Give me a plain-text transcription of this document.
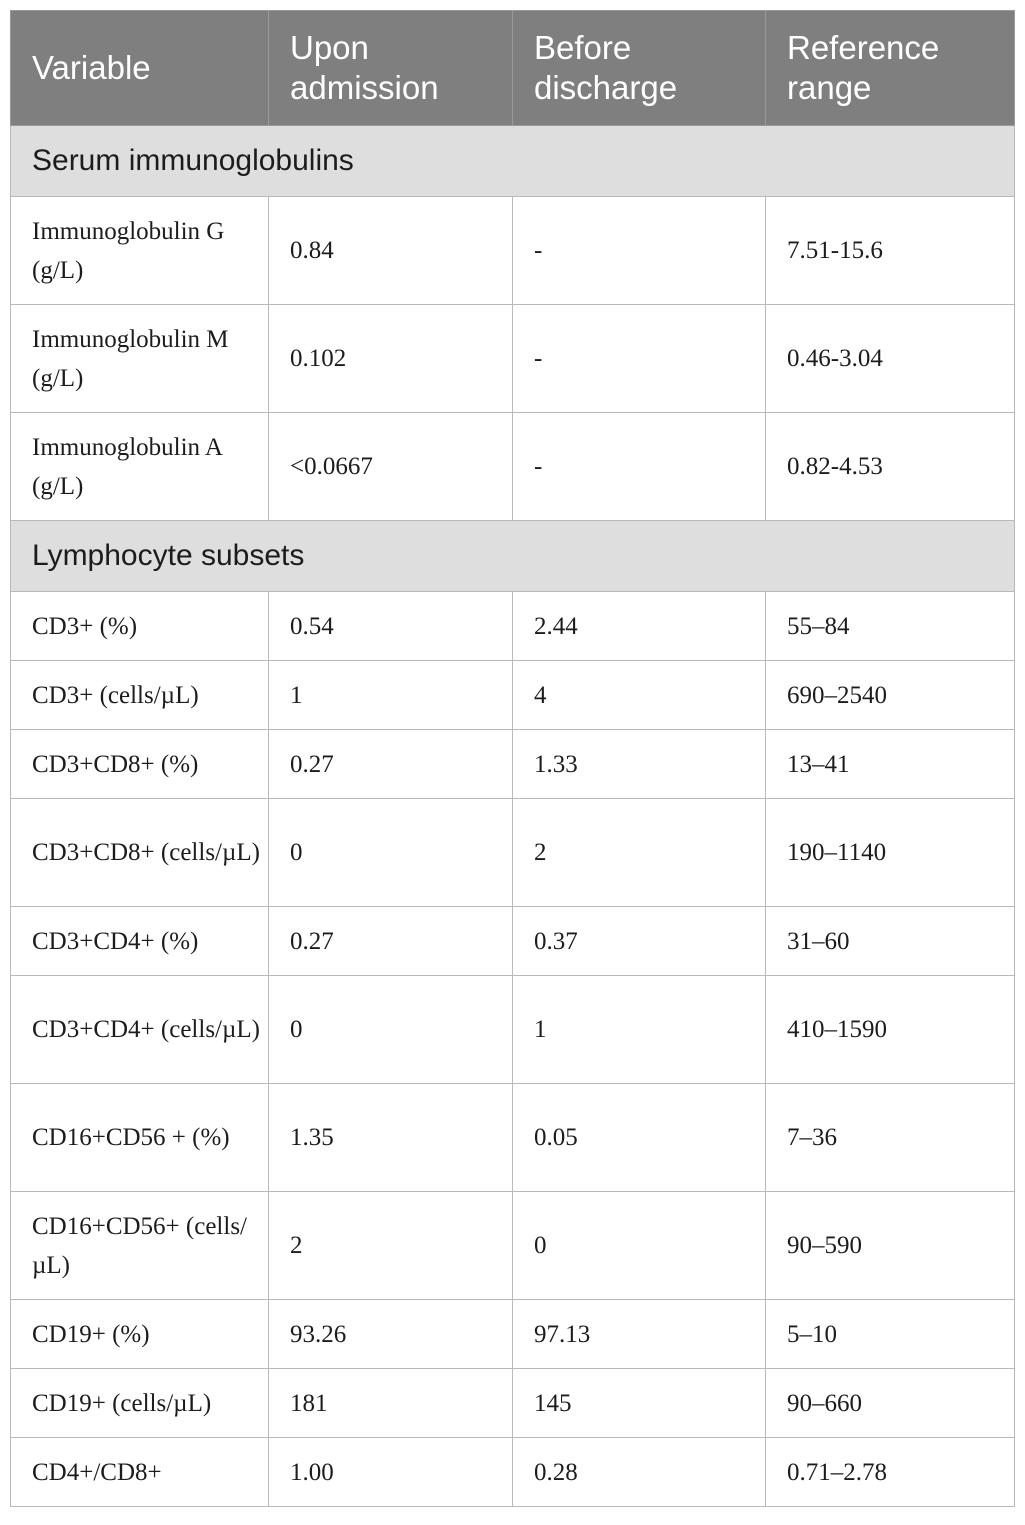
Variable	Upon admission	Before discharge	Reference range
Serum immunoglobulins			
Immunoglobulin G (g/L)	0.84	-	7.51-15.6
Immunoglobulin M (g/L)	0.102	-	0.46-3.04
Immunoglobulin A (g/L)	<0.0667	-	0.82-4.53
Lymphocyte subsets			
CD3+ (%)	0.54	2.44	55–84
CD3+ (cells/µL)	1	4	690–2540
CD3+CD8+ (%)	0.27	1.33	13–41
CD3+CD8+ (cells/µL)	0	2	190–1140
CD3+CD4+ (%)	0.27	0.37	31–60
CD3+CD4+ (cells/µL)	0	1	410–1590
CD16+CD56 + (%)	1.35	0.05	7–36
CD16+CD56+ (cells/µL)	2	0	90–590
CD19+ (%)	93.26	97.13	5–10
CD19+ (cells/µL)	181	145	90–660
CD4+/CD8+	1.00	0.28	0.71–2.78
